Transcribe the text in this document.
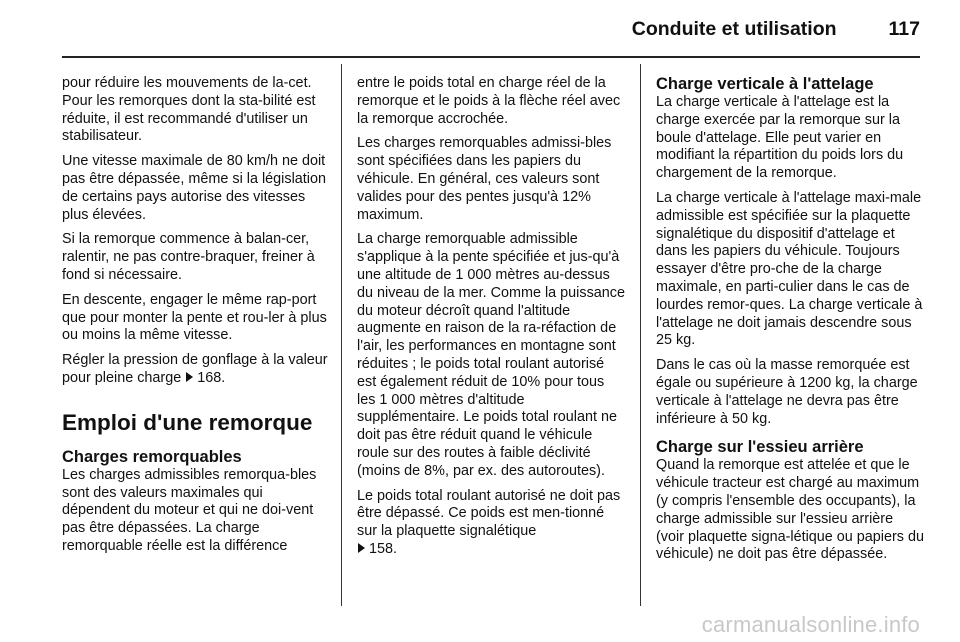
Conduite et utilisation	117

pour réduire les mouvements de la-cet. Pour les remorques dont la sta-bilité est réduite, il est recommandé d'utiliser un stabilisateur.

Une vitesse maximale de 80 km/h ne doit pas être dépassée, même si la législation de certains pays autorise des vitesses plus élevées.

Si la remorque commence à balan-cer, ralentir, ne pas contre-braquer, freiner à fond si nécessaire.

En descente, engager le même rap-port que pour monter la pente et rou-ler à plus ou moins la même vitesse.

Régler la pression de gonflage à la valeur pour pleine charge 168.

Emploi d'une remorque
Charges remorquables

Les charges admissibles remorqua-bles sont des valeurs maximales qui dépendent du moteur et qui ne doi-vent pas être dépassées. La charge remorquable réelle est la différence

entre le poids total en charge réel de la remorque et le poids à la flèche réel avec la remorque accrochée.

Les charges remorquables admissi-bles sont spécifiées dans les papiers du véhicule. En général, ces valeurs sont valides pour des pentes jusqu'à 12% maximum.

La charge remorquable admissible s'applique à la pente spécifiée et jus-qu'à une altitude de 1 000 mètres au-dessus du niveau de la mer. Comme la puissance du moteur décroît quand l'altitude augmente en raison de la ra-réfaction de l'air, les performances en montagne sont réduites ; le poids total roulant autorisé est également réduit de 10% pour tous les 1 000 mètres d'altitude supplémentaire. Le poids total roulant ne doit pas être réduit quand le véhicule roule sur des routes à faible déclivité (moins de 8%, par ex. des autoroutes).

Le poids total roulant autorisé ne doit pas être dépassé. Ce poids est men-tionné sur la plaquette signalétique
158.

Charge verticale à l'attelage

La charge verticale à l'attelage est la charge exercée par la remorque sur la boule d'attelage. Elle peut varier en modifiant la répartition du poids lors du chargement de la remorque.

La charge verticale à l'attelage maxi-male admissible est spécifiée sur la plaquette signalétique du dispositif d'attelage et dans les papiers du véhicule. Toujours essayer d'être pro-che de la charge maximale, en parti-culier dans le cas de lourdes remor-ques. La charge verticale à l'attelage ne doit jamais descendre sous 25 kg.

Dans le cas où la masse remorquée est égale ou supérieure à 1200 kg, la charge verticale à l'attelage ne devra pas être inférieure à 50 kg.

Charge sur l'essieu arrière

Quand la remorque est attelée et que le véhicule tracteur est chargé au maximum (y compris l'ensemble des occupants), la charge admissible sur l'essieu arrière (voir plaquette signa-létique ou papiers du véhicule) ne doit pas être dépassée.

carmanualsonline.info
